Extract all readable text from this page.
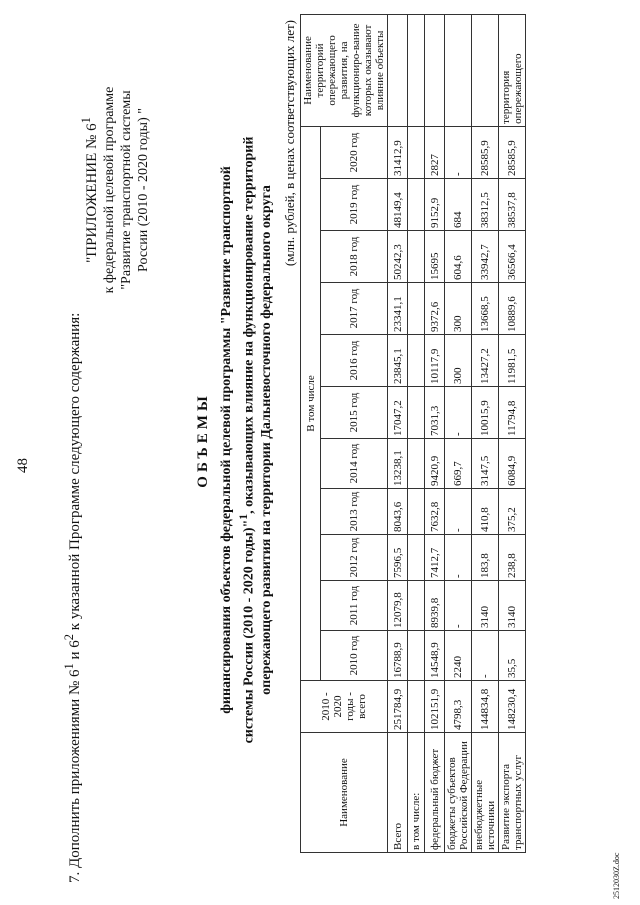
48
7. Дополнить приложениями № $6^1$ и $6^2$ к указанной Программе следующего содержания:
"ПРИЛОЖЕНИЕ № $6^1$ к федеральной целевой программе "Развитие транспортной системы России (2010 - 2020 годы) "
ОБЪЕМЫ финансирования объектов федеральной целевой программы "Развитие транспортной системы России (2010 - 2020 годы)"$^1$, оказывающих влияние на функционирование территорий опережающего развития на территории Дальневосточного федерального округа
(млн. рублей, в ценах соответствующих лет)
Наименование	2010 - 2020 годы - всего	В том числе											Наименование территорий опережающего развития, на функциониро-вание которых оказывают влияние объекты
		2010 год	2011 год	2012 год	2013 год	2014 год	2015 год	2016 год	2017 год	2018 год	2019 год	2020 год	
Всего	251784,9	16788,9	12079,8	7596,5	8043,6	13238,1	17047,2	23845,1	23341,1	50242,3	48149,4	31412,9	
в том числе:													
федеральный бюджет	102151,9	14548,9	8939,8	7412,7	7632,8	9420,9	7031,3	10117,9	9372,6	15695	9152,9	2827	
бюджеты субъектов Российской Федерации	4798,3	2240	-	-	-	669,7	-	300	300	604,6	684	-	
внебюджетные источники	144834,8	-	3140	183,8	410,8	3147,5	10015,9	13427,2	13668,5	33942,7	38312,5	28585,9	
Развитие экспорта транспортных услуг	148230,4	35,5	3140	238,8	375,2	6084,9	11794,8	11981,5	10889,6	36566,4	38537,8	28585,9	территория опережающего
2512030Z.doc
